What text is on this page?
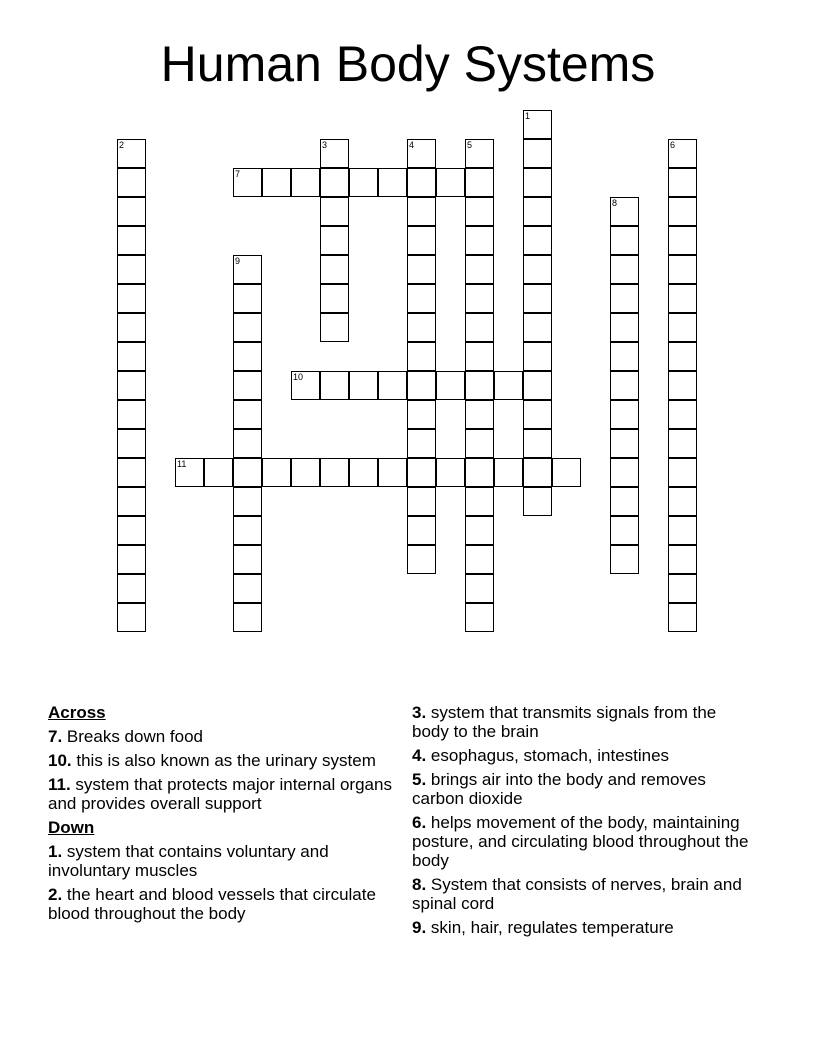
Human Body Systems
1
2	3	4	5	6
7
8
9
10
11
Across
7. Breaks down food
10. this is also known as the urinary system
11. system that protects major internal organs and provides overall support
Down
1. system that contains voluntary and involuntary muscles
2. the heart and blood vessels that circulate blood throughout the body
3. system that transmits signals from the body to the brain
4. esophagus, stomach, intestines
5. brings air into the body and removes carbon dioxide
6. helps movement of the body, maintaining posture, and circulating blood throughout the body
8. System that consists of nerves, brain and spinal cord
9. skin, hair, regulates temperature
